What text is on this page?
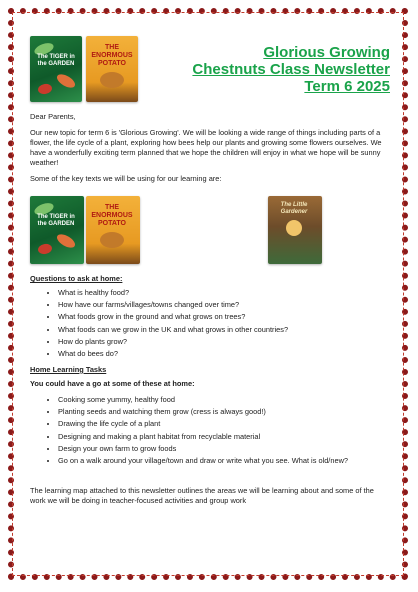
The TIGER in the GARDEN
THE ENORMOUS POTATO
Glorious Growing
Chestnuts Class Newsletter
Term 6 2025

Dear Parents,

Our new topic for term 6 is 'Glorious Growing'. We will be looking a wide range of things including parts of a flower, the life cycle of a plant, exploring how bees help our plants and growing some flowers ourselves. We have a wonderfully exciting term planned that we hope the children will enjoy in what we hope will be sunny weather!

Some of the key texts we will be using for our learning are:

The TIGER in the GARDEN
THE ENORMOUS POTATO
The Little Gardener
Questions to ask at home:
• What is healthy food?
• How have our farms/villages/towns changed over time?
• What foods grow in the ground and what grows on trees?
• What foods can we grow in the UK and what grows in other countries?
• How do plants grow?
• What do bees do?
Home Learning Tasks
You could have a go at some of these at home:
• Cooking some yummy, healthy food
• Planting seeds and watching them grow (cress is always good!)
• Drawing the life cycle of a plant
• Designing and making a plant habitat from recyclable material
• Design your own farm to grow foods
• Go on a walk around your village/town and draw or write what you see. What is old/new?

The learning map attached to this newsletter outlines the areas we will be learning about and some of the work we will be doing in teacher-focused activities and group work
